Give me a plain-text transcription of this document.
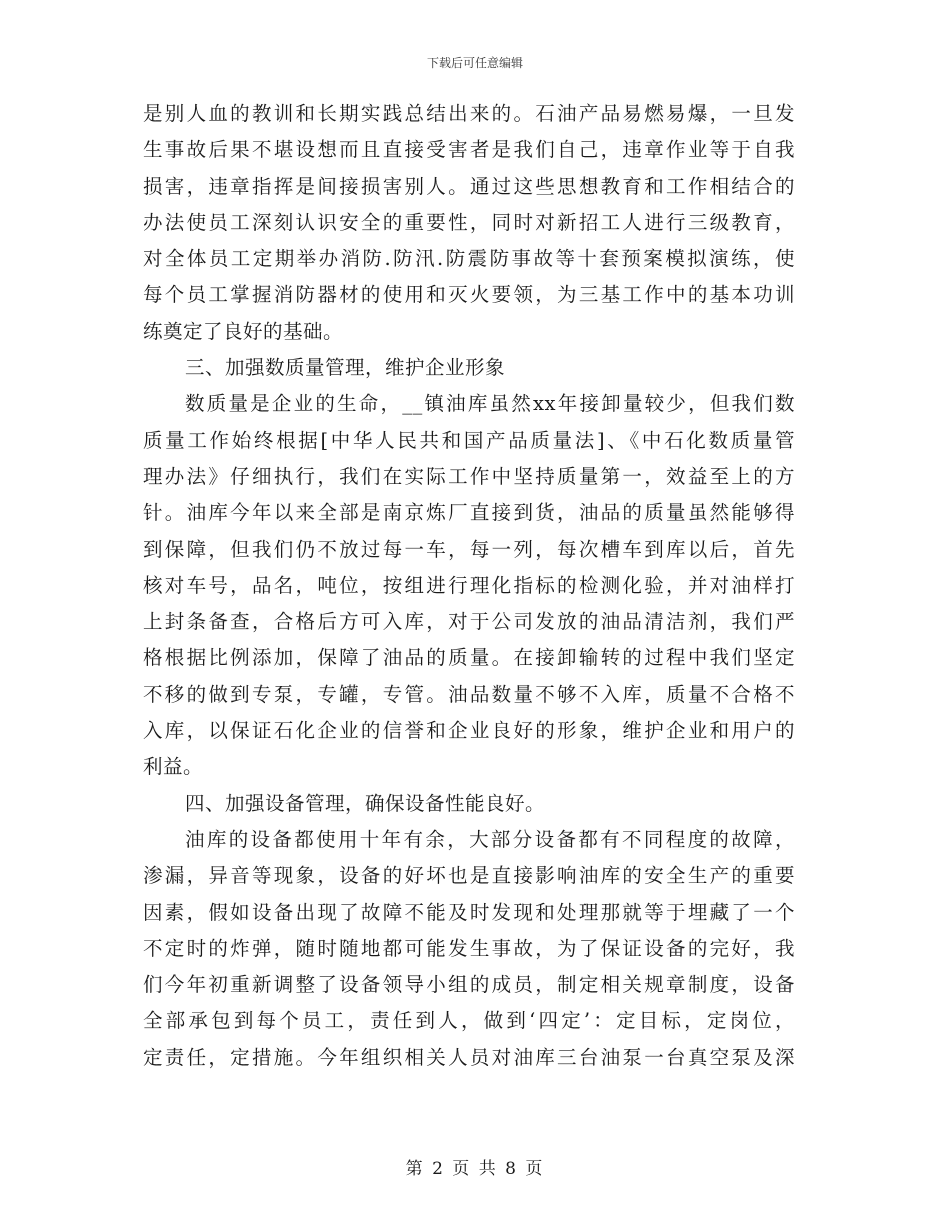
下载后可任意编辑
是别人血的教训和长期实践总结出来的。石油产品易燃易爆，一旦发
生事故后果不堪设想而且直接受害者是我们自己，违章作业等于自我
损害，违章指挥是间接损害别人。通过这些思想教育和工作相结合的
办法使员工深刻认识安全的重要性，同时对新招工人进行三级教育，
对全体员工定期举办消防.防汛.防震防事故等十套预案模拟演练，使
每个员工掌握消防器材的使用和灭火要领，为三基工作中的基本功训
练奠定了良好的基础。
三、加强数质量管理，维护企业形象
数质量是企业的生命，__镇油库虽然xx年接卸量较少，但我们数
质量工作始终根据[中华人民共和国产品质量法]、《中石化数质量管
理办法》仔细执行，我们在实际工作中坚持质量第一，效益至上的方
针。油库今年以来全部是南京炼厂直接到货，油品的质量虽然能够得
到保障，但我们仍不放过每一车，每一列，每次槽车到库以后，首先
核对车号，品名，吨位，按组进行理化指标的检测化验，并对油样打
上封条备查，合格后方可入库，对于公司发放的油品清洁剂，我们严
格根据比例添加，保障了油品的质量。在接卸输转的过程中我们坚定
不移的做到专泵，专罐，专管。油品数量不够不入库，质量不合格不
入库，以保证石化企业的信誉和企业良好的形象，维护企业和用户的
利益。
四、加强设备管理，确保设备性能良好。
油库的设备都使用十年有余，大部分设备都有不同程度的故障，
渗漏，异音等现象，设备的好坏也是直接影响油库的安全生产的重要
因素，假如设备出现了故障不能及时发现和处理那就等于埋藏了一个
不定时的炸弹，随时随地都可能发生事故，为了保证设备的完好，我
们今年初重新调整了设备领导小组的成员，制定相关规章制度，设备
全部承包到每个员工，责任到人，做到‘四定’：定目标，定岗位，
定责任，定措施。今年组织相关人员对油库三台油泵一台真空泵及深
第 2 页 共 8 页
